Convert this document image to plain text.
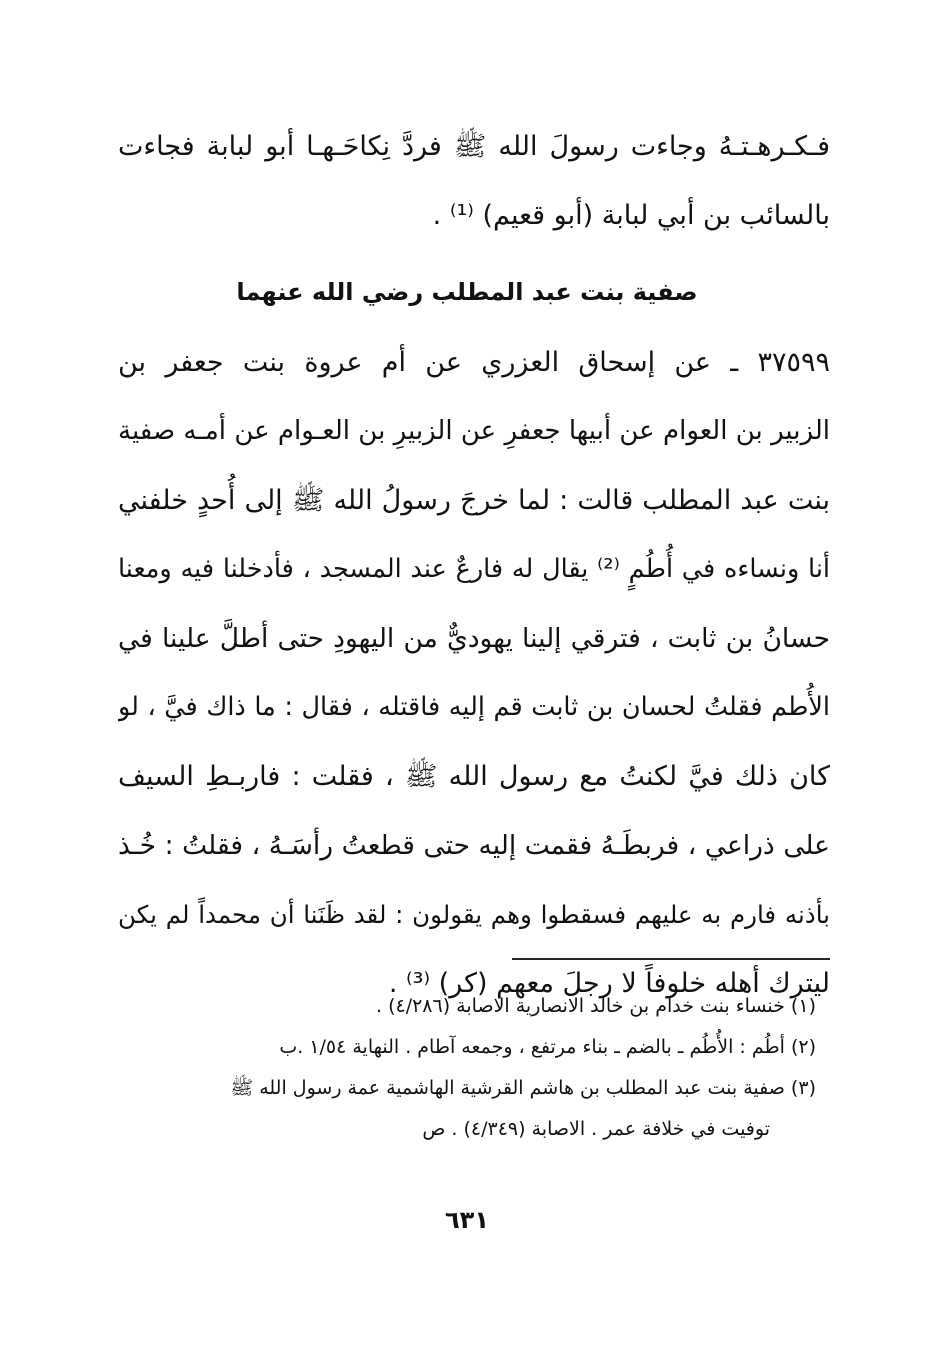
فـكـرهـتـهُ وجاءت رسولَ الله ﷺ فردَّ نِكاحَـهـا أبو لبابة فجاءت
بالسائب بن أبي لبابة (أبو قعيم) ⁽¹⁾ .
صفية بنت عبد المطلب رضي الله عنهما
٣٧٥٩٩ ـ عن إسحاق العزري عن أم عروة بنت جعفر بن
الزبير بن العوام عن أبيها جعفرِ عن الزبيرِ بن العـوام عن أمـه صفية
بنت عبد المطلب قالت : لما خرجَ رسولُ الله ﷺ إلى أُحدٍ خلفني
أنا ونساءه في أُطُمٍ ⁽²⁾ يقال له فارعٌ عند المسجد ، فأدخلنا فيه ومعنا
حسانُ بن ثابت ، فترقي إلينا يهوديٌّ من اليهودِ حتى أطلَّ علينا في
الأُطم فقلتُ لحسان بن ثابت قم إليه فاقتله ، فقال : ما ذاك فيَّ ، لو
كان ذلك فيَّ لكنتُ مع رسول الله ﷺ ، فقلت : فاربـطِ السيف
على ذراعي ، فربطَـهُ فقمت إليه حتى قطعتُ رأسَـهُ ، فقلتُ : خُـذ
بأذنه فارم به عليهم فسقطوا وهم يقولون : لقد ظَنَنا أن محمداً لم يكن
ليترك أهله خلوفاً لا رجلَ معهم (كر) ⁽³⁾ .
(١) خنساء بنت خدام بن خالد الانصارية الاصابة (٤/٢٨٦) .
(٢) أطُم : الأُطُم ـ بالضم ـ بناء مرتفع ، وجمعه آطام . النهاية ١/٥٤ .ب
(٣) صفية بنت عبد المطلب بن هاشم القرشية الهاشمية عمة رسول الله ﷺ
توفيت في خلافة عمر . الاصابة (٤/٣٤٩) . ص
٦٣١
